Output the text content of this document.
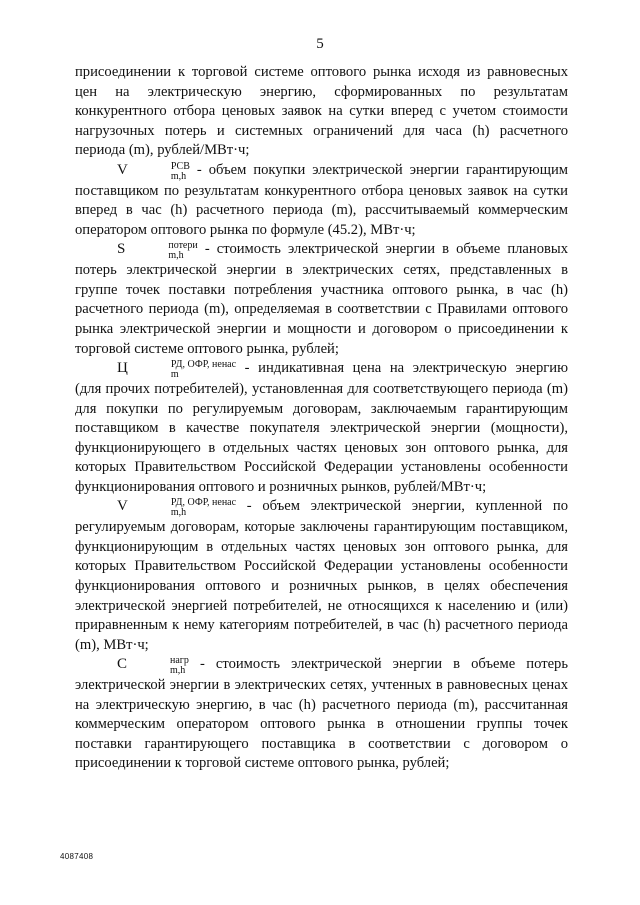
5

присоединении к торговой системе оптового рынка исходя из равновесных цен на электрическую энергию, сформированных по результатам конкурентного отбора ценовых заявок на сутки вперед с учетом стоимости нагрузочных потерь и системных ограничений для часа (h) расчетного периода (m), рублей/МВт·ч;

V	РСВ
m,h - объем покупки электрической энергии гарантирующим поставщиком по результатам конкурентного отбора ценовых заявок на сутки вперед в час (h) расчетного периода (m), рассчитываемый коммерческим оператором оптового рынка по формуле (45.2), МВт·ч;

S	потери
m,h - стоимость электрической энергии в объеме плановых потерь электрической энергии в электрических сетях, представленных в группе точек поставки потребления участника оптового рынка, в час (h) расчетного периода (m), определяемая в соответствии с Правилами оптового рынка электрической энергии и мощности и договором о присоединении к торговой системе оптового рынка, рублей;

Ц	РД, ОФР, ненас
m	- индикативная цена на электрическую энергию (для прочих потребителей), установленная для соответствующего периода (m) для покупки по регулируемым договорам, заключаемым гарантирующим поставщиком в качестве покупателя электрической энергии (мощности), функционирующего в отдельных частях ценовых зон оптового рынка, для которых Правительством Российской Федерации установлены особенности функционирования оптового и розничных рынков, рублей/МВт·ч;

V	РД, ОФР, ненас
m,h	- объем электрической энергии, купленной по регулируемым договорам, которые заключены гарантирующим поставщиком, функционирующим в отдельных частях ценовых зон оптового рынка, для которых Правительством Российской Федерации установлены особенности функционирования оптового и розничных рынков, в целях обеспечения электрической энергией потребителей, не относящихся к населению и (или) приравненным к нему категориям потребителей, в час (h) расчетного периода (m), МВт·ч;

С	нагр
m,h - стоимость электрической энергии в объеме потерь электрической энергии в электрических сетях, учтенных в равновесных ценах на электрическую энергию, в час (h) расчетного периода (m), рассчитанная коммерческим оператором оптового рынка в отношении группы точек поставки гарантирующего поставщика в соответствии с договором о присоединении к торговой системе оптового рынка, рублей;

4087408
